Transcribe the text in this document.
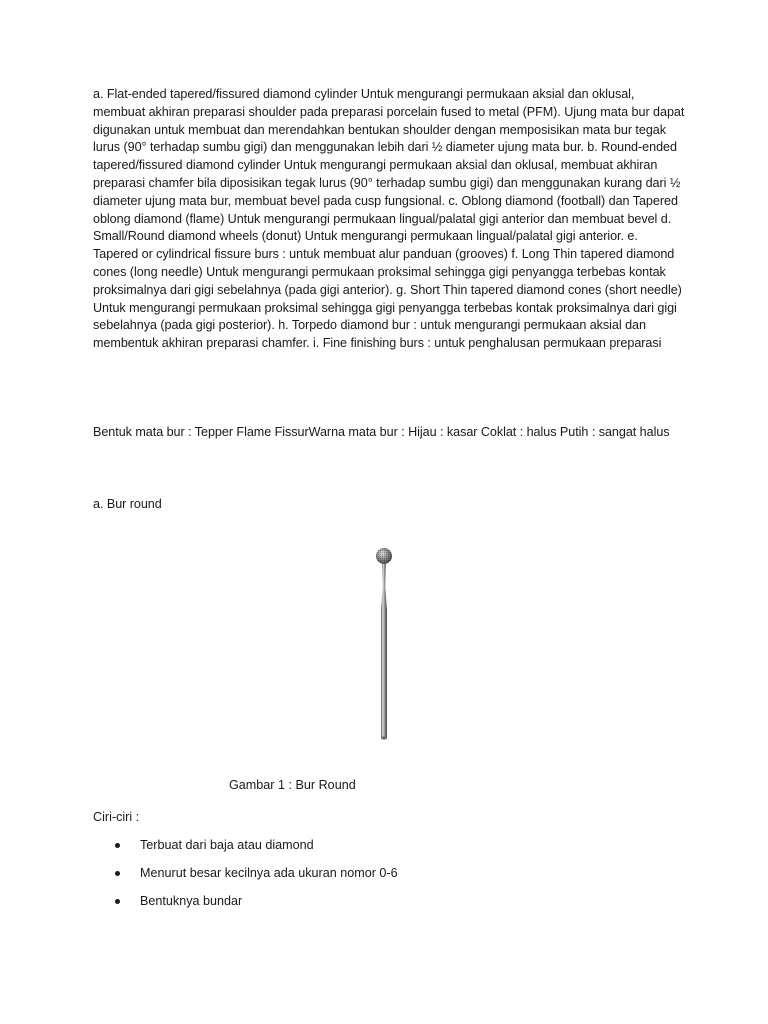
a. Flat-ended tapered/fissured diamond cylinder Untuk mengurangi permukaan aksial dan oklusal, membuat akhiran preparasi shoulder pada preparasi porcelain fused to metal (PFM). Ujung mata bur dapat digunakan untuk membuat dan merendahkan bentukan shoulder dengan memposisikan mata bur tegak lurus (90° terhadap sumbu gigi) dan menggunakan lebih dari ½ diameter ujung mata bur. b. Round-ended tapered/fissured diamond cylinder Untuk mengurangi permukaan aksial dan oklusal, membuat akhiran preparasi chamfer bila diposisikan tegak lurus (90° terhadap sumbu gigi) dan menggunakan kurang dari ½ diameter ujung mata bur, membuat bevel pada cusp fungsional. c. Oblong diamond (football) dan Tapered oblong diamond (flame) Untuk mengurangi permukaan lingual/palatal gigi anterior dan membuat bevel d. Small/Round diamond wheels (donut) Untuk mengurangi permukaan lingual/palatal gigi anterior. e. Tapered or cylindrical fissure burs : untuk membuat alur panduan (grooves) f. Long Thin tapered diamond cones (long needle) Untuk mengurangi permukaan proksimal sehingga gigi penyangga terbebas kontak proksimalnya dari gigi sebelahnya (pada gigi anterior). g. Short Thin tapered diamond cones (short needle) Untuk mengurangi permukaan proksimal sehingga gigi penyangga terbebas kontak proksimalnya dari gigi sebelahnya (pada gigi posterior). h. Torpedo diamond bur : untuk mengurangi permukaan aksial dan membentuk akhiran preparasi chamfer. i. Fine finishing burs : untuk penghalusan permukaan preparasi

Bentuk mata bur : Tepper Flame FissurWarna mata bur : Hijau : kasar Coklat : halus Putih : sangat halus

a. Bur round

Gambar 1 : Bur Round

Ciri-ciri :

Terbuat dari baja atau diamond
Menurut besar kecilnya ada ukuran nomor 0-6
Bentuknya bundar
